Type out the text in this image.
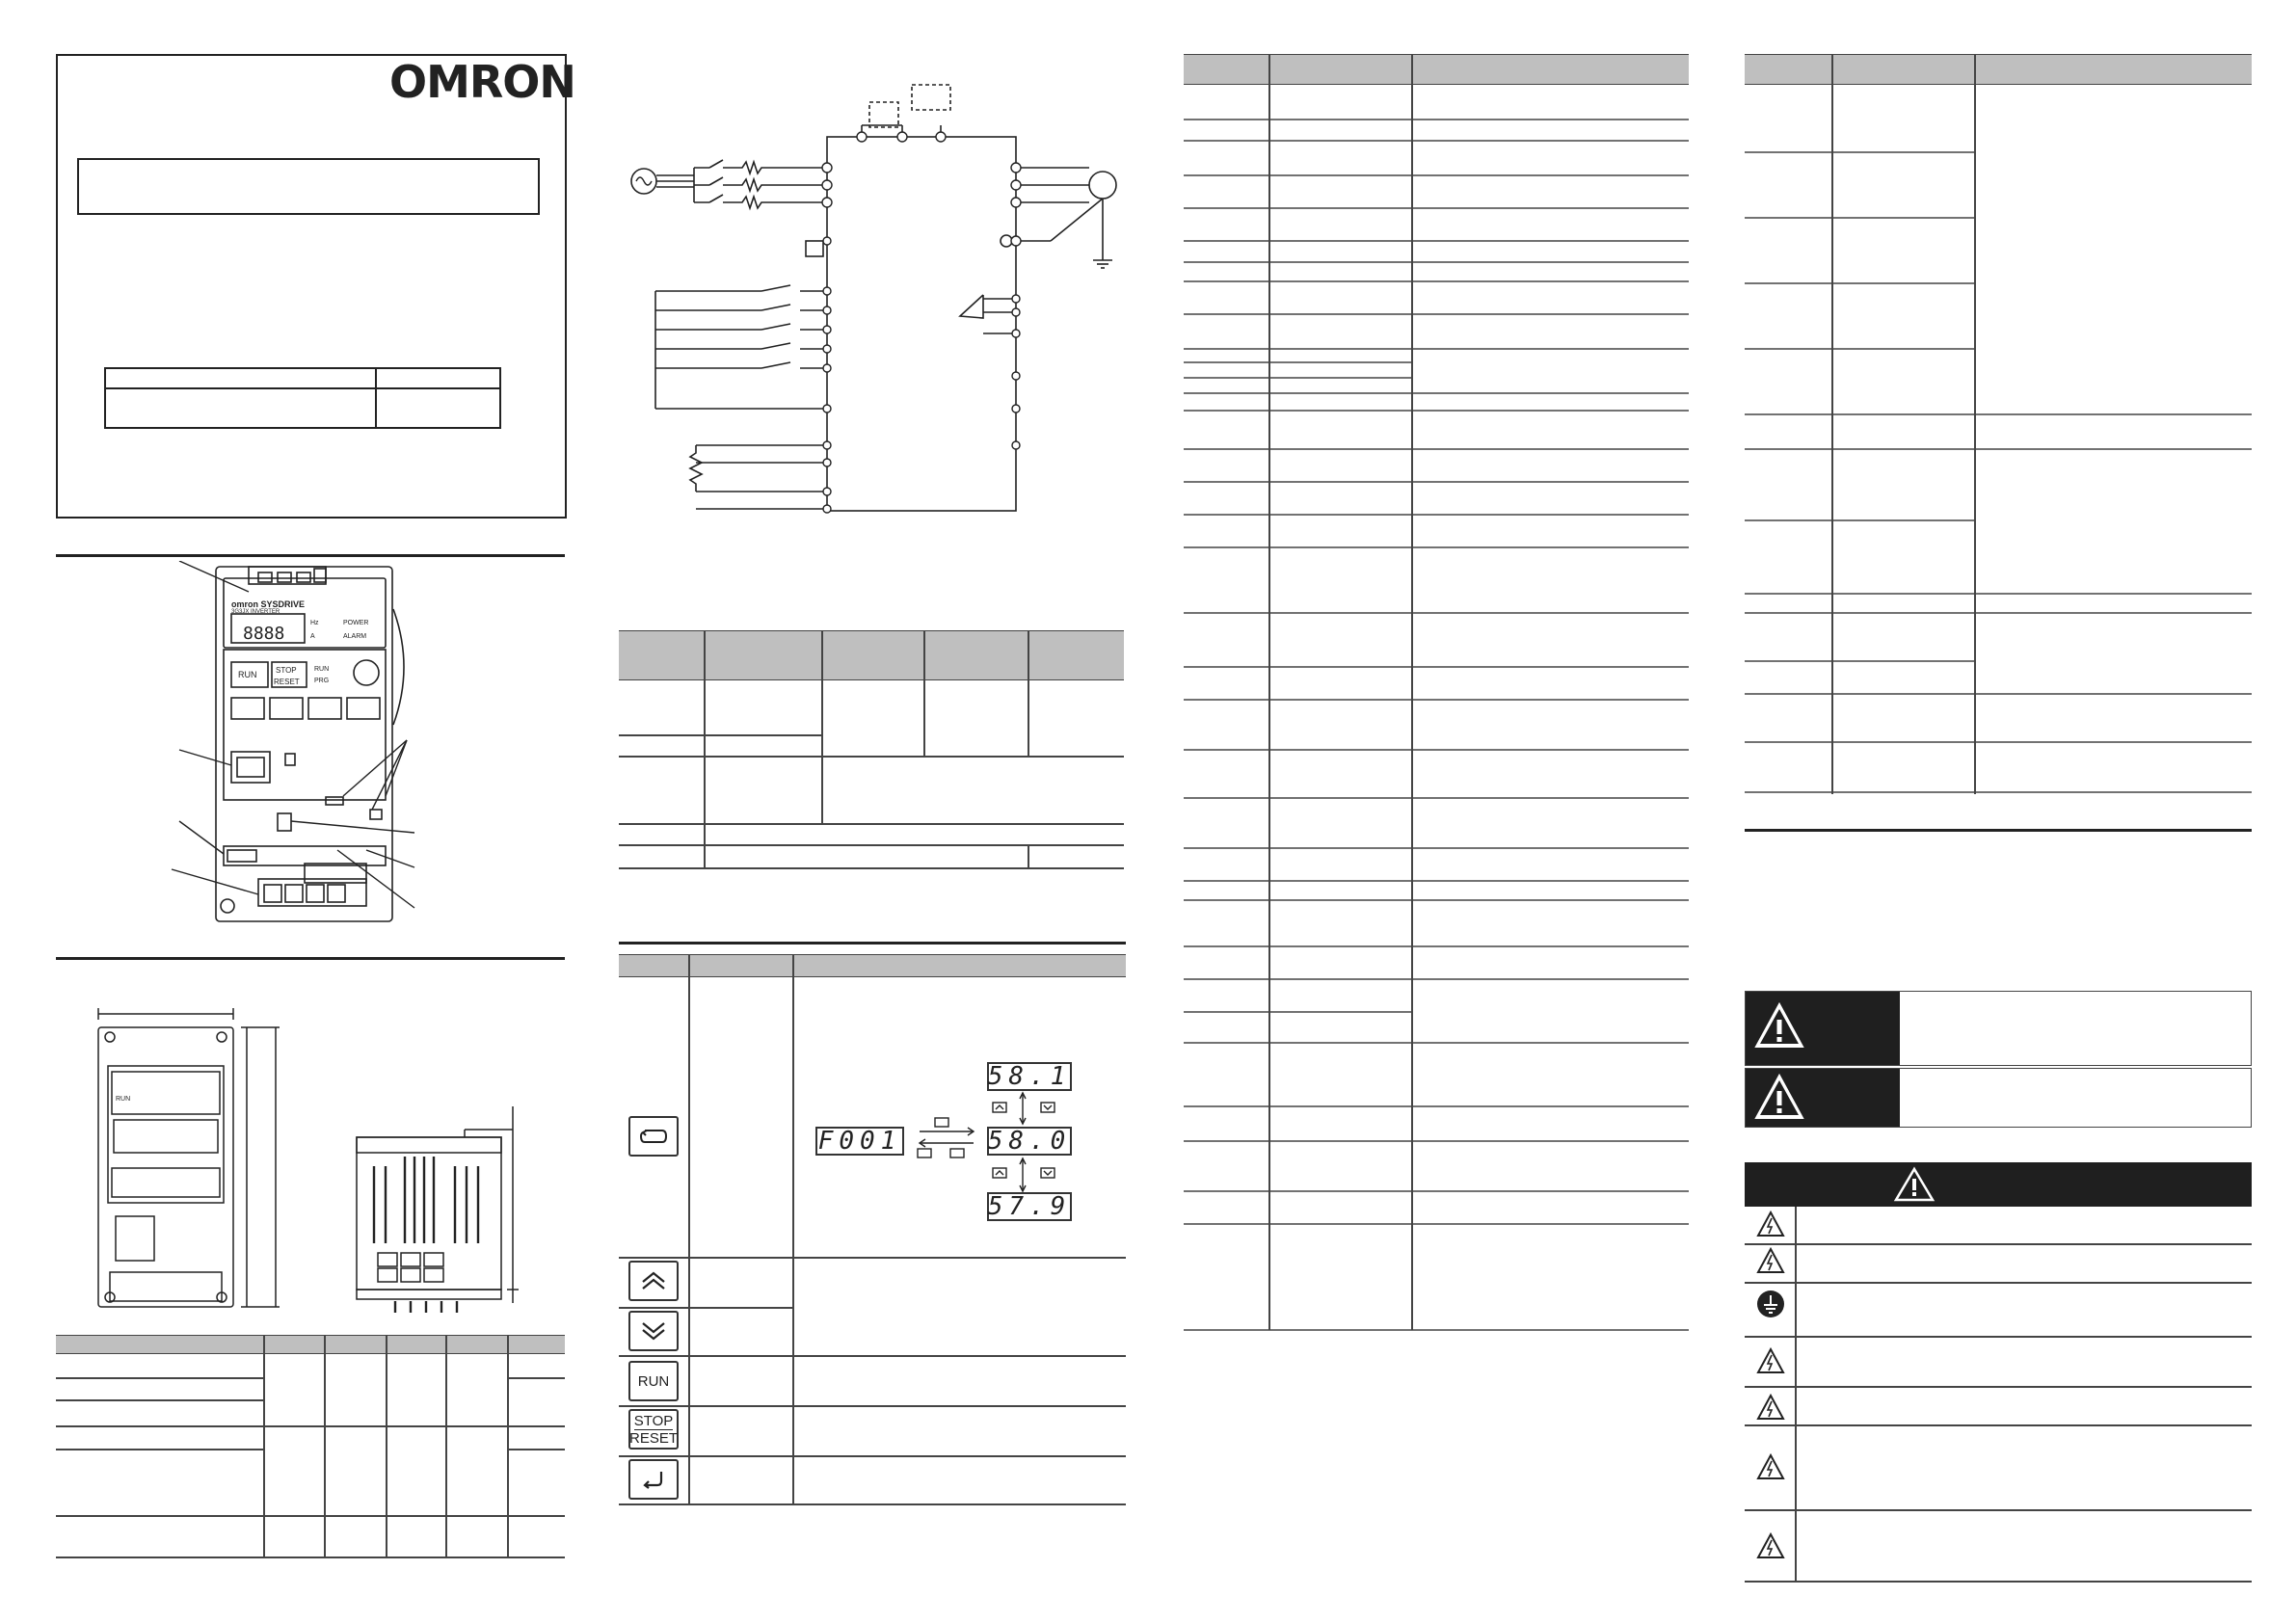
OMRON
8888
omron SYSDRIVE
3G3JX INVERTER
Hz
A
POWER
ALARM
RUN STOP
RESET
RUN
PRG
RUN
RUN
STOP
RESET
F001
58.1
58.0
57.9
